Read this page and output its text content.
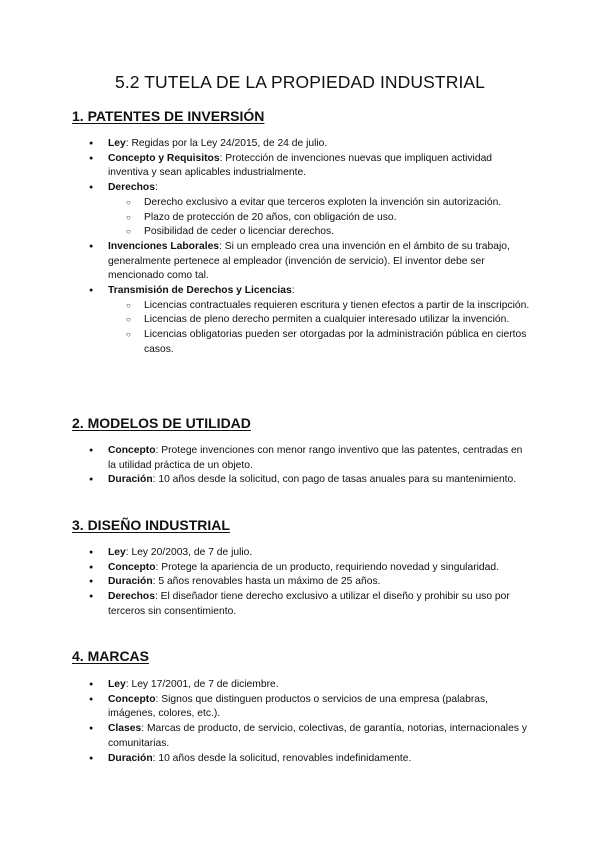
5.2 TUTELA DE LA PROPIEDAD INDUSTRIAL
1. PATENTES DE INVERSIÓN
● Ley: Regidas por la Ley 24/2015, de 24 de julio.
● Concepto y Requisitos: Protección de invenciones nuevas que impliquen actividad inventiva y sean aplicables industrialmente.
● Derechos:
○ Derecho exclusivo a evitar que terceros exploten la invención sin autorización.
○ Plazo de protección de 20 años, con obligación de uso.
○ Posibilidad de ceder o licenciar derechos.
● Invenciones Laborales: Si un empleado crea una invención en el ámbito de su trabajo, generalmente pertenece al empleador (invención de servicio). El inventor debe ser mencionado como tal.
● Transmisión de Derechos y Licencias:
○ Licencias contractuales requieren escritura y tienen efectos a partir de la inscripción.
○ Licencias de pleno derecho permiten a cualquier interesado utilizar la invención.
○ Licencias obligatorias pueden ser otorgadas por la administración pública en ciertos casos.
2. MODELOS DE UTILIDAD
● Concepto: Protege invenciones con menor rango inventivo que las patentes, centradas en la utilidad práctica de un objeto.
● Duración: 10 años desde la solicitud, con pago de tasas anuales para su mantenimiento.
3. DISEÑO INDUSTRIAL
● Ley: Ley 20/2003, de 7 de julio.
● Concepto: Protege la apariencia de un producto, requiriendo novedad y singularidad.
● Duración: 5 años renovables hasta un máximo de 25 años.
● Derechos: El diseñador tiene derecho exclusivo a utilizar el diseño y prohibir su uso por terceros sin consentimiento.
4. MARCAS
● Ley: Ley 17/2001, de 7 de diciembre.
● Concepto: Signos que distinguen productos o servicios de una empresa (palabras, imágenes, colores, etc.).
● Clases: Marcas de producto, de servicio, colectivas, de garantía, notorias, internacionales y comunitarias.
● Duración: 10 años desde la solicitud, renovables indefinidamente.
